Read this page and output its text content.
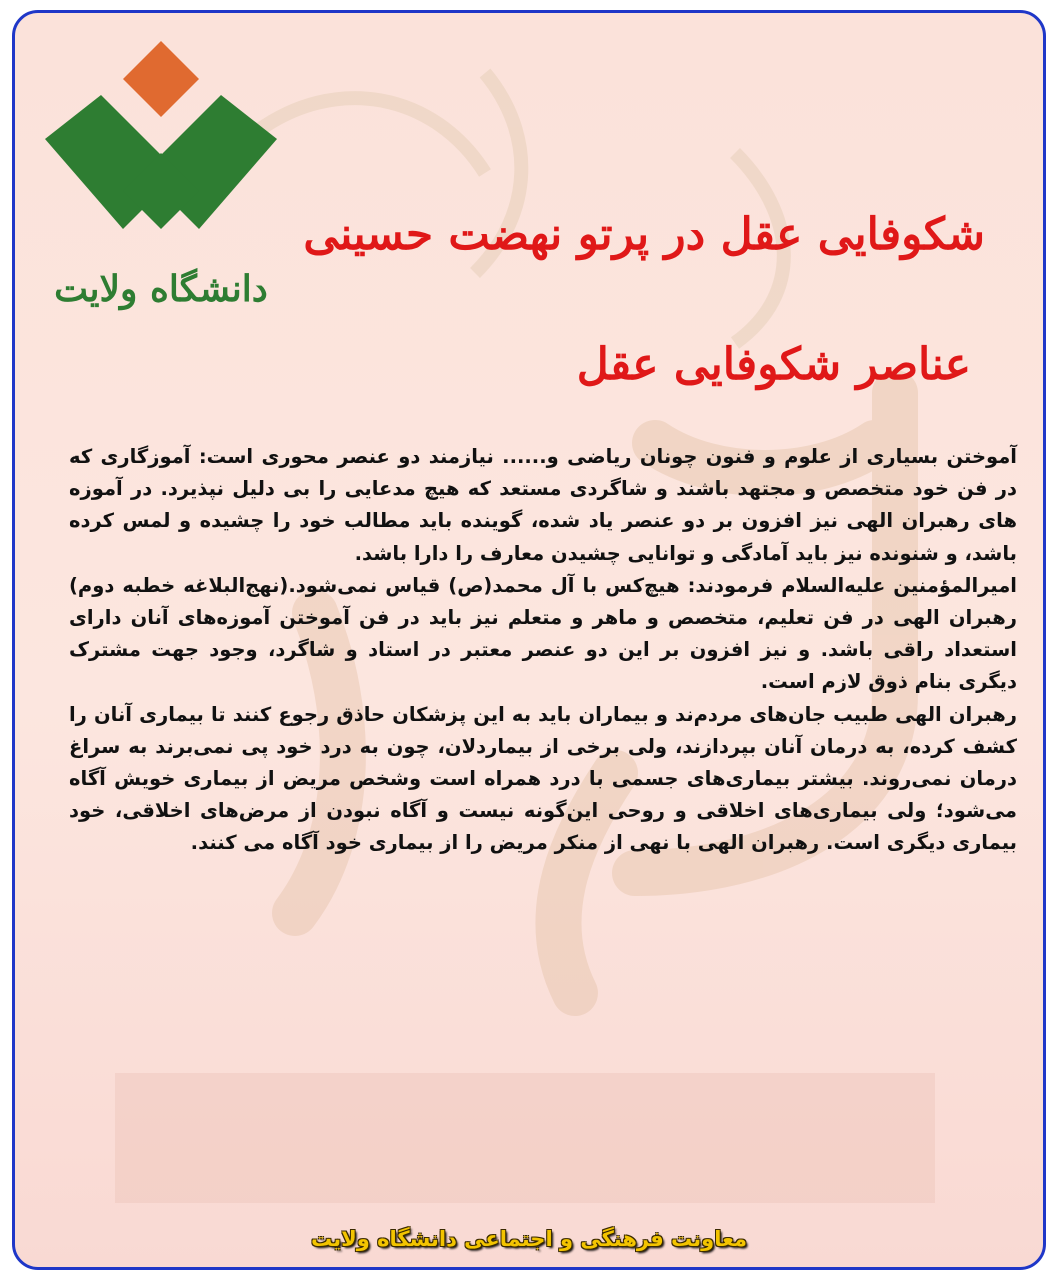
دانشگاه ولایت
شکوفایی عقل در پرتو نهضت حسینی
عناصر شکوفایی عقل

آموختن بسیاری از علوم و فنون چونان ریاضی و...... نیازمند دو عنصر محوری است: آموزگاری که در فن خود متخصص و مجتهد باشند و شاگردی مستعد که هیچ مدعایی را بی دلیل نپذیرد. در آموزه های رهبران الهی نیز افزون بر دو عنصر یاد شده، گوینده باید مطالب خود را چشیده و لمس کرده باشد، و شنونده نیز باید آمادگی و توانایی چشیدن معارف را دارا باشد.

امیرالمؤمنین علیه‌السلام فرمودند: هیچ‌کس با آل محمد(ص) قیاس نمی‌شود.(نهج‌البلاغه خطبه دوم) رهبران الهی در فن تعلیم، متخصص و ماهر و متعلم نیز باید در فن آموختن آموزه‌های آنان دارای استعداد راقی باشد. و نیز افزون بر این دو عنصر معتبر در استاد و شاگرد، وجود جهت مشترک دیگری بنام ذوق لازم است.

رهبران الهی طبیب جان‌های مردم‌ند و بیماران باید به این پزشکان حاذق رجوع کنند تا بیماری آنان را کشف کرده، به درمان آنان بپردازند، ولی برخی از بیماردلان، چون به درد خود پی نمی‌برند به سراغ درمان نمی‌روند. بیشتر بیماری‌های جسمی با درد همراه است وشخص مریض از بیماری خویش آگاه می‌شود؛ ولی بیماری‌های اخلاقی و روحی این‌گونه نیست و آگاه نبودن از مرض‌های اخلاقی، خود بیماری دیگری است. رهبران الهی با نهی از منکر مریض را از بیماری خود آگاه می کنند.

معاونت فرهنگی و اجتماعی دانشگاه ولایت
